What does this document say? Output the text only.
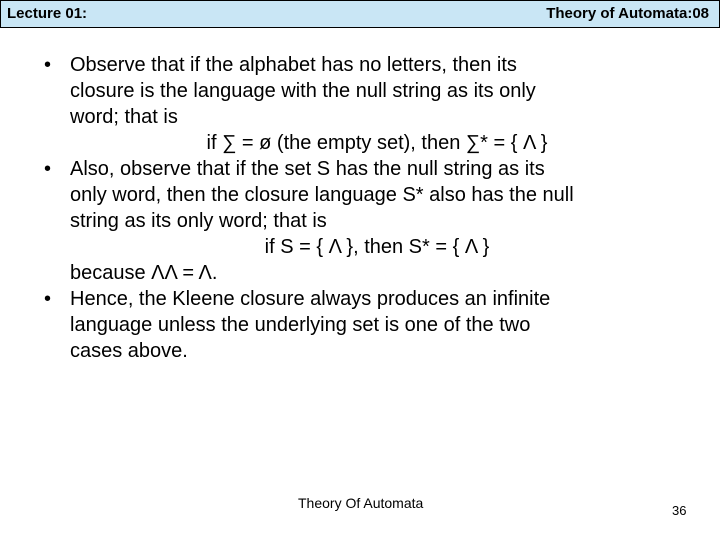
Lecture 01:	Theory of Automata:08
• Observe that if the alphabet has no letters, then its
closure is the language with the null string as its only
word; that is
if ∑ = ø (the empty set), then ∑* = { Λ }
• Also, observe that if the set S has the null string as its
only word, then the closure language S* also has the null
string as its only word; that is
if S = { Λ }, then S* = { Λ }
because ΛΛ = Λ.
• Hence, the Kleene closure always produces an infinite
language unless the underlying set is one of the two
cases above.
Theory Of Automata	36
